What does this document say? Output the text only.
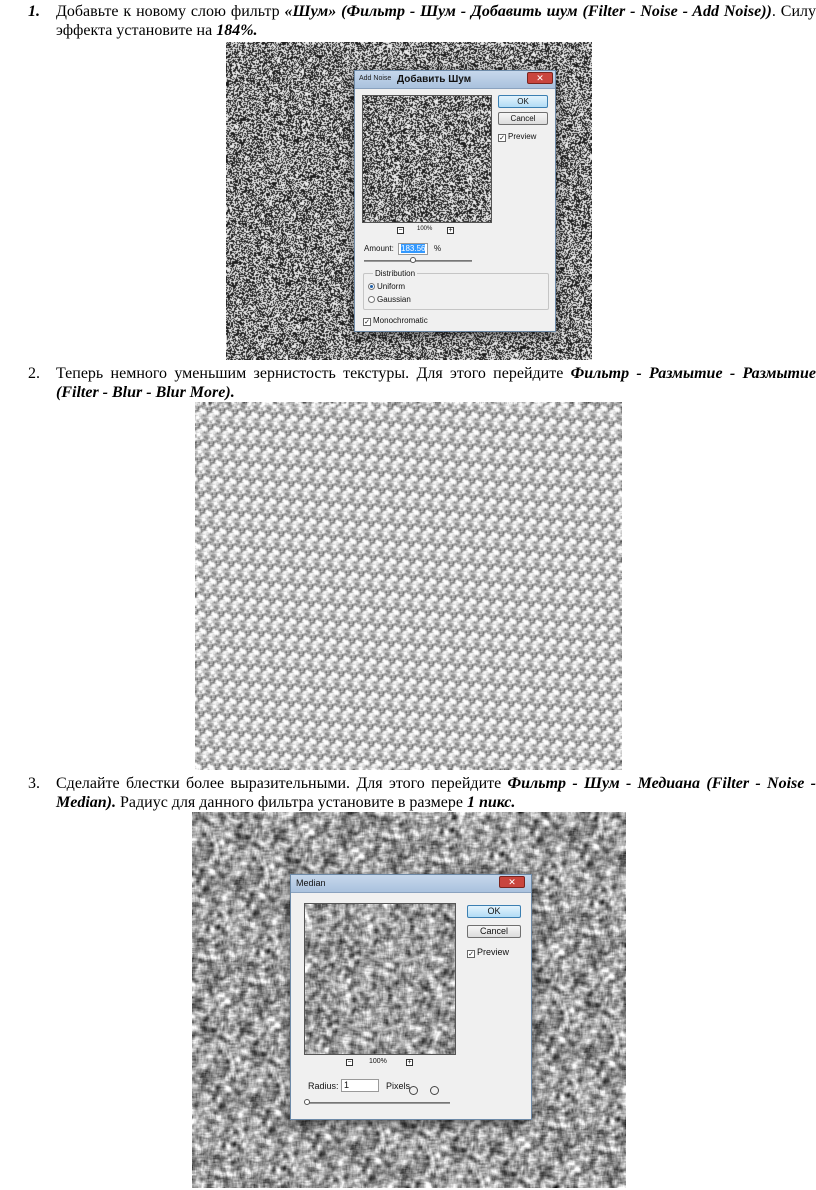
1. Добавьте к новому слою фильтр «Шум» (Фильтр - Шум - Добавить шум (Filter - Noise - Add Noise)). Силу эффекта установите на 184%.
Add Noise Добавить Шум	✕
OK
Cancel
✓ Preview
− 100% +
Amount: 183.56	%
Distribution
Uniform
Gaussian
✓ Monochromatic
2. Теперь немного уменьшим зернистость текстуры. Для этого перейдите Фильтр - Размытие - Размытие (Filter - Blur - Blur More).
3. Сделайте блестки более выразительными. Для этого перейдите Фильтр - Шум - Медиана (Filter - Noise - Median). Радиус для данного фильтра установите в размере 1 пикс.
Median	✕
OK
Cancel
✓ Preview
− 100%	+
Radius: 1	Pixels
